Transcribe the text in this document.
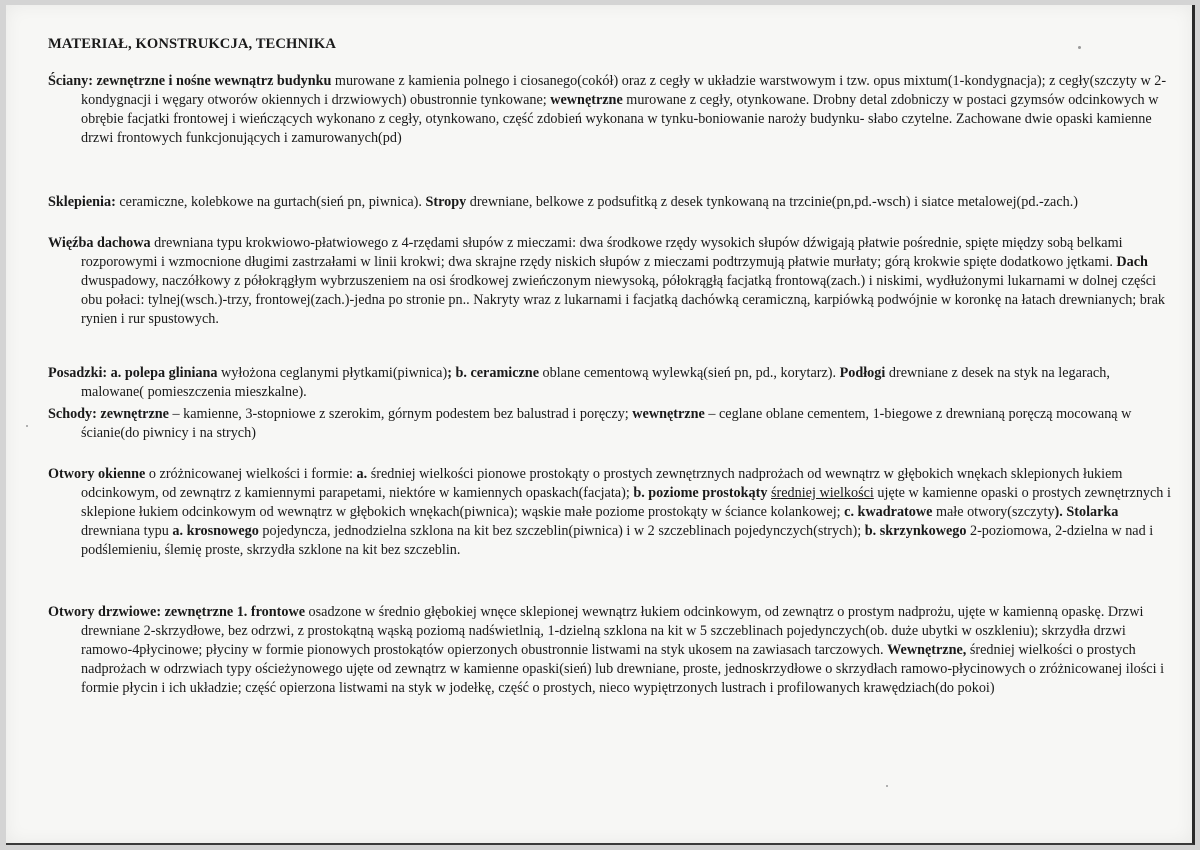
MATERIAŁ, KONSTRUKCJA, TECHNIKA

Ściany: zewnętrzne i nośne wewnątrz budynku murowane z kamienia polnego i ciosanego(cokół) oraz z cegły w układzie warstwowym i tzw. opus mixtum(1-kondygnacja); z cegły(szczyty w 2-kondygnacji i węgary otworów okiennych i drzwiowych) obustronnie tynkowane; wewnętrzne murowane z cegły, otynkowane. Drobny detal zdobniczy w postaci gzymsów odcinkowych w obrębie facjatki frontowej i wieńczących wykonano z cegły, otynkowano, część zdobień wykonana w tynku-boniowanie naroży budynku- słabo czytelne. Zachowane dwie opaski kamienne drzwi frontowych funkcjonujących i zamurowanych(pd)

Sklepienia: ceramiczne, kolebkowe na gurtach(sień pn, piwnica). Stropy drewniane, belkowe z podsufitką z desek tynkowaną na trzcinie(pn,pd.-wsch) i siatce metalowej(pd.-zach.)

Więźba dachowa drewniana typu krokwiowo-płatwiowego z 4-rzędami słupów z mieczami: dwa środkowe rzędy wysokich słupów dźwigają płatwie pośrednie, spięte między sobą belkami rozporowymi i wzmocnione długimi zastrzałami w linii krokwi; dwa skrajne rzędy niskich słupów z mieczami podtrzymują płatwie murłaty; górą krokwie spięte dodatkowo jętkami. Dach dwuspadowy, naczółkowy z półokrągłym wybrzuszeniem na osi środkowej zwieńczonym niewysoką, półokrągłą facjatką frontową(zach.) i niskimi, wydłużonymi lukarnami w dolnej części obu połaci: tylnej(wsch.)-trzy, frontowej(zach.)-jedna po stronie pn.. Nakryty wraz z lukarnami i facjatką dachówką ceramiczną, karpiówką podwójnie w koronkę na łatach drewnianych; brak rynien i rur spustowych.

Posadzki: a. polepa gliniana wyłożona ceglanymi płytkami(piwnica); b. ceramiczne oblane cementową wylewką(sień pn, pd., korytarz). Podłogi drewniane z desek na styk na legarach, malowane( pomieszczenia mieszkalne).

Schody: zewnętrzne – kamienne, 3-stopniowe z szerokim, górnym podestem bez balustrad i poręczy; wewnętrzne – ceglane oblane cementem, 1-biegowe z drewnianą poręczą mocowaną w ścianie(do piwnicy i na strych)

Otwory okienne o zróżnicowanej wielkości i formie: a. średniej wielkości pionowe prostokąty o prostych zewnętrznych nadprożach od wewnątrz w głębokich wnękach sklepionych łukiem odcinkowym, od zewnątrz z kamiennymi parapetami, niektóre w kamiennych opaskach(facjata); b. poziome prostokąty średniej wielkości ujęte w kamienne opaski o prostych zewnętrznych i sklepione łukiem odcinkowym od wewnątrz w głębokich wnękach(piwnica); wąskie małe poziome prostokąty w ściance kolankowej; c. kwadratowe małe otwory(szczyty). Stolarka drewniana typu a. krosnowego pojedyncza, jednodzielna szklona na kit bez szczeblin(piwnica) i w 2 szczeblinach pojedynczych(strych); b. skrzynkowego 2-poziomowa, 2-dzielna w nad i podślemieniu, ślemię proste, skrzydła szklone na kit bez szczeblin.

Otwory drzwiowe: zewnętrzne 1. frontowe osadzone w średnio głębokiej wnęce sklepionej wewnątrz łukiem odcinkowym, od zewnątrz o prostym nadprożu, ujęte w kamienną opaskę. Drzwi drewniane 2-skrzydłowe, bez odrzwi, z prostokątną wąską poziomą nadświetlnią, 1-dzielną szklona na kit w 5 szczeblinach pojedynczych(ob. duże ubytki w oszkleniu); skrzydła drzwi ramowo-4płycinowe; płyciny w formie pionowych prostokątów opierzonych obustronnie listwami na styk ukosem na zawiasach tarczowych. Wewnętrzne, średniej wielkości o prostych nadprożach w odrzwiach typy ościeżynowego ujęte od zewnątrz w kamienne opaski(sień) lub drewniane, proste, jednoskrzydłowe o skrzydłach ramowo-płycinowych o zróżnicowanej ilości i formie płycin i ich układzie; część opierzona listwami na styk w jodełkę, część o prostych, nieco wypiętrzonych lustrach i profilowanych krawędziach(do pokoi)
